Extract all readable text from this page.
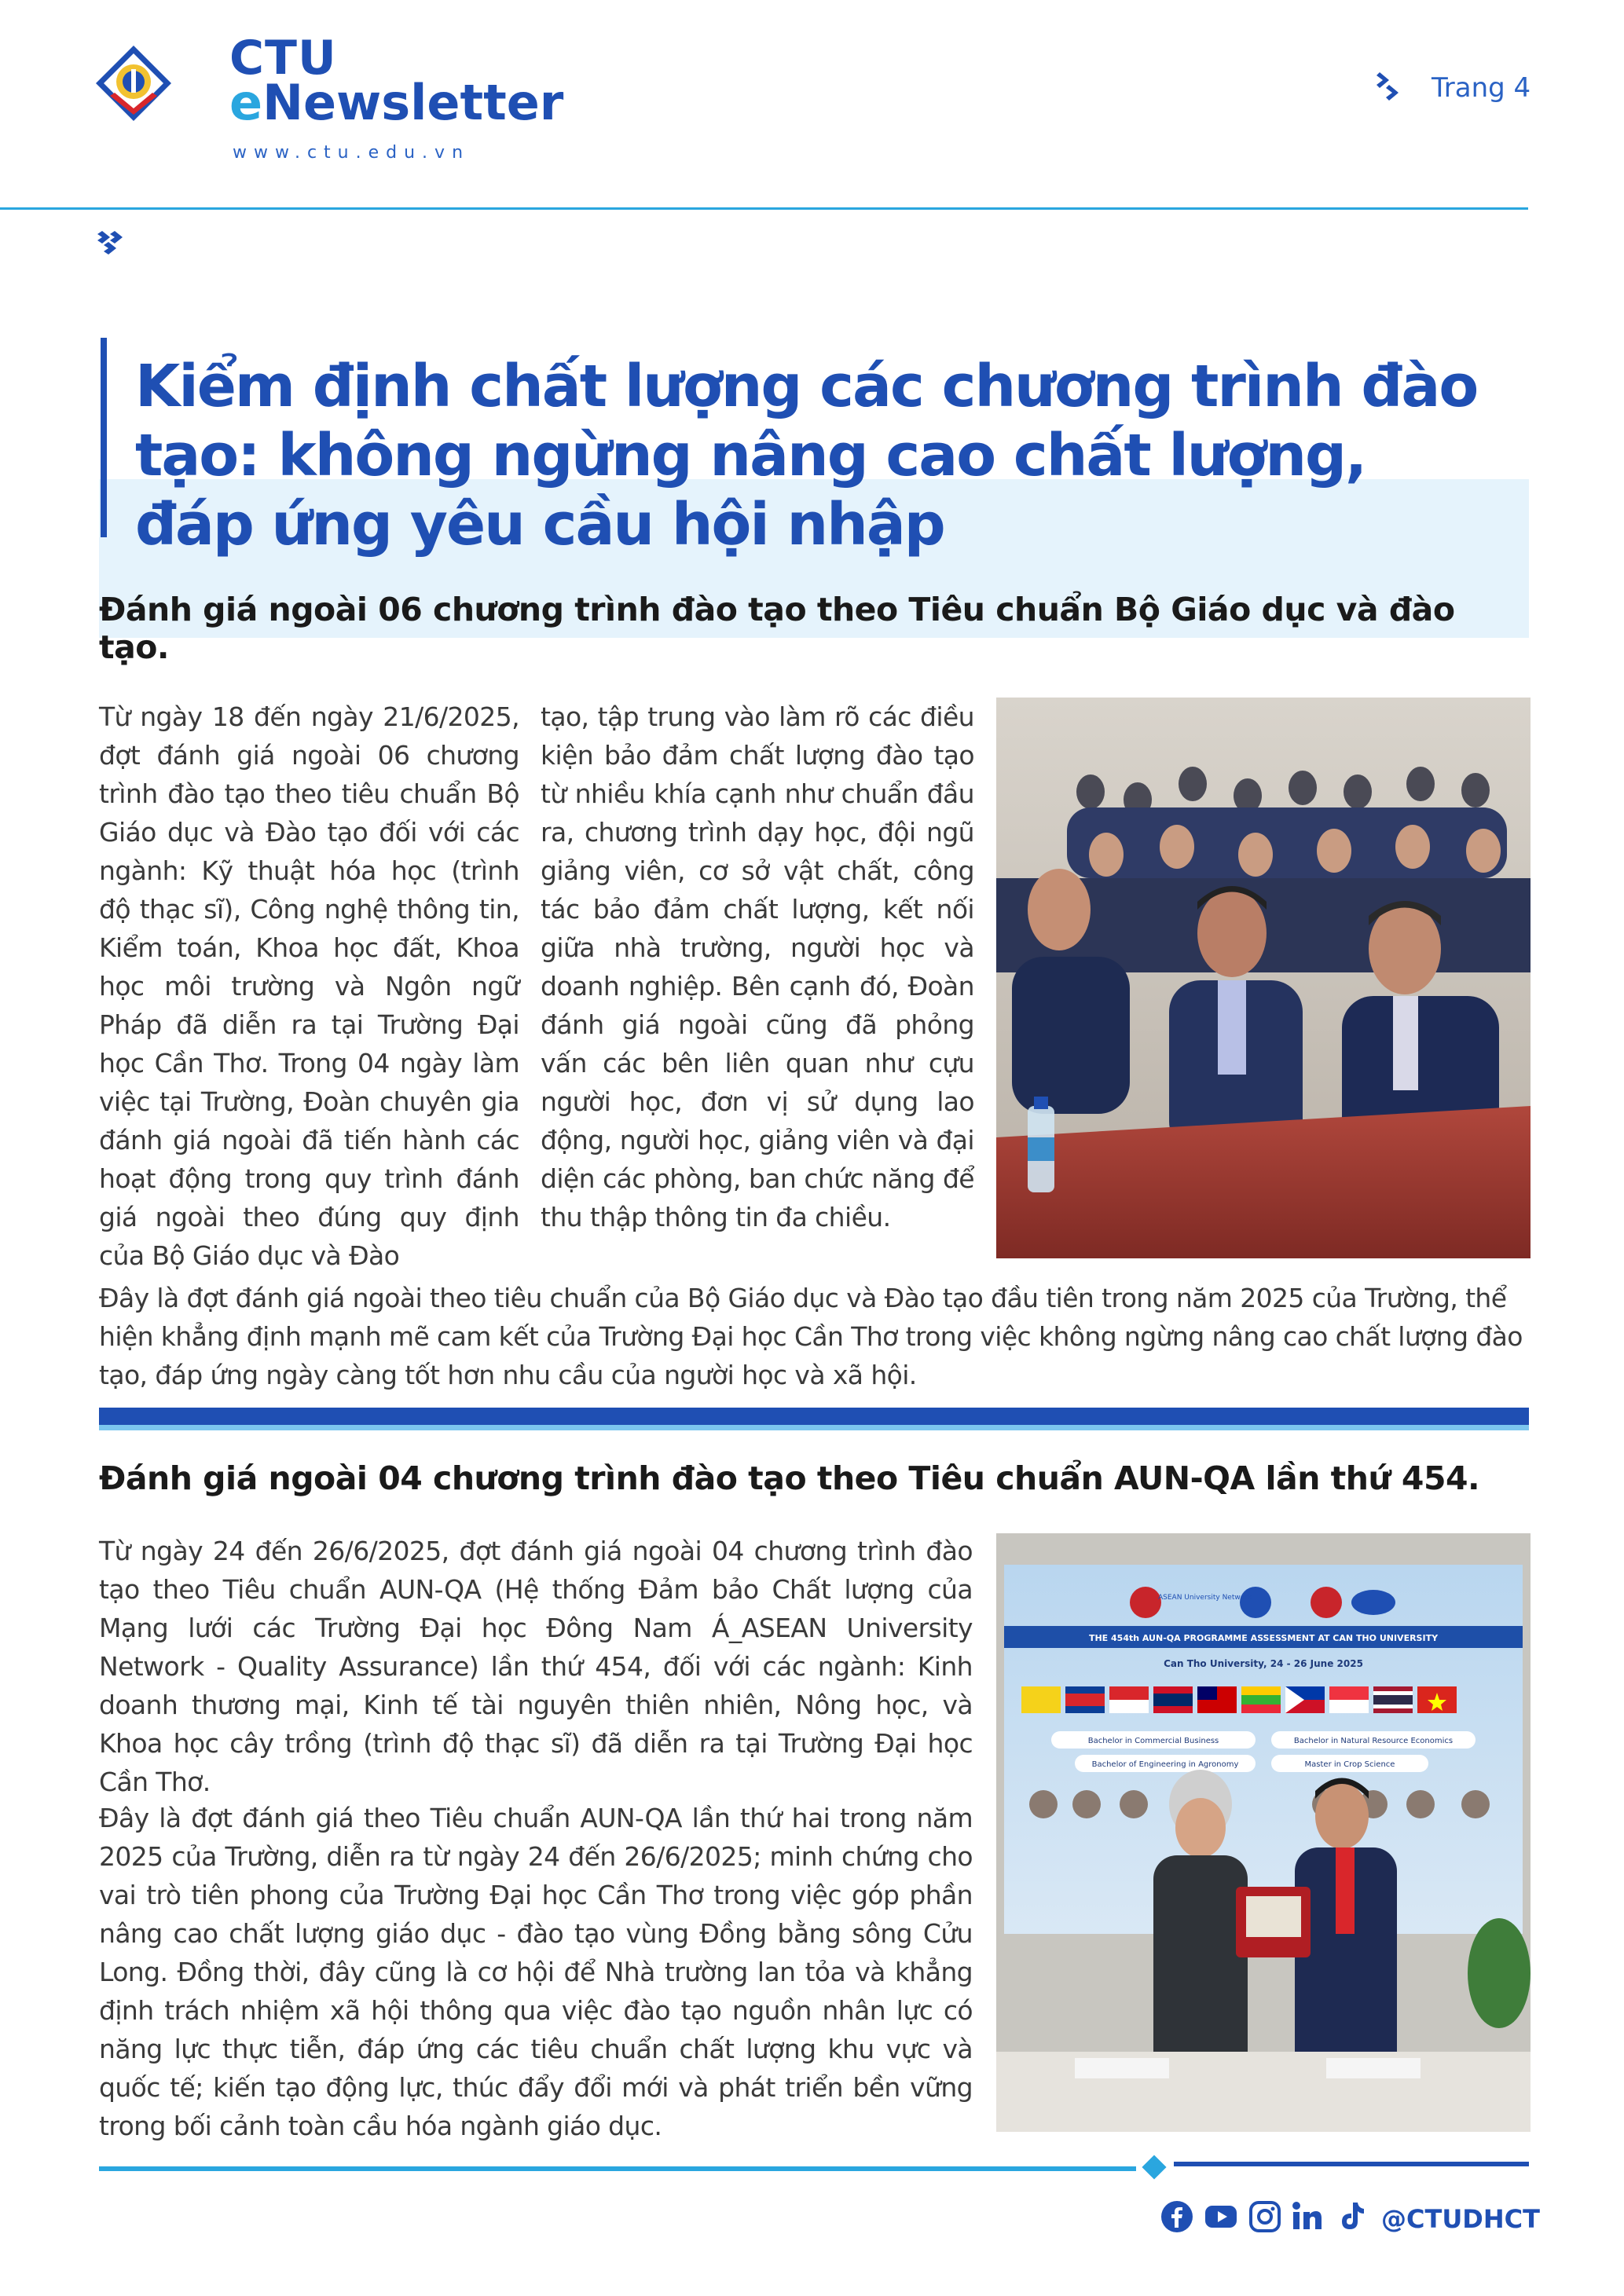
CTU
eNewsletter
www.ctu.edu.vn
Trang 4
Kiểm định chất lượng các chương trình đào tạo: không ngừng nâng cao chất lượng, đáp ứng yêu cầu hội nhập
Đánh giá ngoài 06 chương trình đào tạo theo Tiêu chuẩn Bộ Giáo dục và đào tạo.
Từ ngày 18 đến ngày 21/6/2025, đợt đánh giá ngoài 06 chương trình đào tạo theo tiêu chuẩn Bộ Giáo dục và Đào tạo đối với các ngành: Kỹ thuật hóa học (trình độ thạc sĩ), Công nghệ thông tin, Kiểm toán, Khoa học đất, Khoa học môi trường và Ngôn ngữ Pháp đã diễn ra tại Trường Đại học Cần Thơ. Trong 04 ngày làm việc tại Trường, Đoàn chuyên gia đánh giá ngoài đã tiến hành các hoạt động trong quy trình đánh giá ngoài theo đúng quy định của Bộ Giáo dục và Đào
tạo, tập trung vào làm rõ các điều kiện bảo đảm chất lượng đào tạo từ nhiều khía cạnh như chuẩn đầu ra, chương trình dạy học, đội ngũ giảng viên, cơ sở vật chất, công tác bảo đảm chất lượng, kết nối giữa nhà trường, người học và doanh nghiệp. Bên cạnh đó, Đoàn đánh giá ngoài cũng đã phỏng vấn các bên liên quan như cựu người học, đơn vị sử dụng lao động, người học, giảng viên và đại diện các phòng, ban chức năng để thu thập thông tin đa chiều.
Đây là đợt đánh giá ngoài theo tiêu chuẩn của Bộ Giáo dục và Đào tạo đầu tiên trong năm 2025 của Trường, thể hiện khẳng định mạnh mẽ cam kết của Trường Đại học Cần Thơ trong việc không ngừng nâng cao chất lượng đào tạo, đáp ứng ngày càng tốt hơn nhu cầu của người học và xã hội.
Đánh giá ngoài 04 chương trình đào tạo theo Tiêu chuẩn AUN-QA lần thứ 454.
Từ ngày 24 đến 26/6/2025, đợt đánh giá ngoài 04 chương trình đào tạo theo Tiêu chuẩn AUN-QA (Hệ thống Đảm bảo Chất lượng của Mạng lưới các Trường Đại học Đông Nam Á_ASEAN University Network - Quality Assurance) lần thứ 454, đối với các ngành: Kinh doanh thương mại, Kinh tế tài nguyên thiên nhiên, Nông học, và Khoa học cây trồng (trình độ thạc sĩ) đã diễn ra tại Trường Đại học Cần Thơ.
Đây là đợt đánh giá theo Tiêu chuẩn AUN-QA lần thứ hai trong năm 2025 của Trường, diễn ra từ ngày 24 đến 26/6/2025; minh chứng cho vai trò tiên phong của Trường Đại học Cần Thơ trong việc góp phần nâng cao chất lượng giáo dục - đào tạo vùng Đồng bằng sông Cửu Long. Đồng thời, đây cũng là cơ hội để Nhà trường lan tỏa và khẳng định trách nhiệm xã hội thông qua việc đào tạo nguồn nhân lực có năng lực thực tiễn, đáp ứng các tiêu chuẩn chất lượng khu vực và quốc tế; kiến tạo động lực, thúc đẩy đổi mới và phát triển bền vững trong bối cảnh toàn cầu hóa ngành giáo dục.
ASEAN University Network
THE 454th AUN-QA PROGRAMME ASSESSMENT AT CAN THO UNIVERSITY
Can Tho University, 24 - 26 June 2025
Bachelor in Commercial Business	Bachelor in Natural Resource Economics
Bachelor of Engineering in Agronomy	Master in Crop Science
@CTUDHCT
